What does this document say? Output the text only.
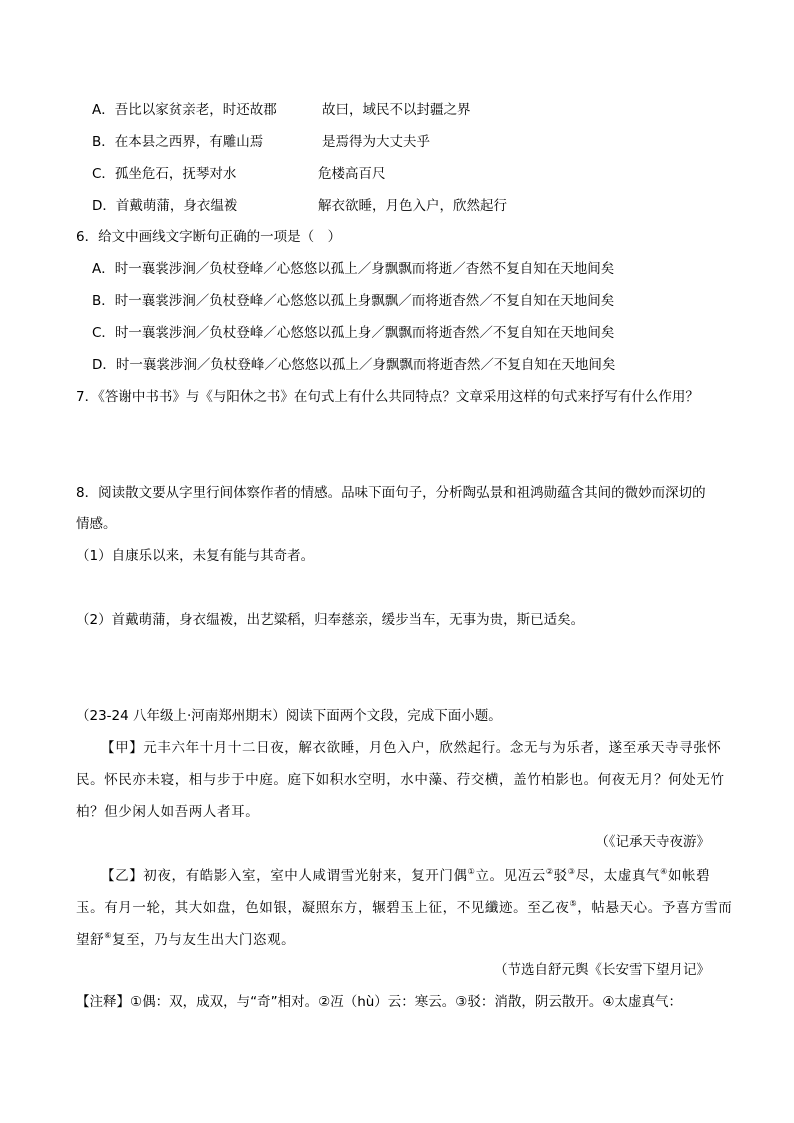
A．吾比以家贫亲老，时还故郡	故曰，域民不以封疆之界
B．在本县之西界，有雕山焉	是焉得为大丈夫乎
C．孤坐危石，抚琴对水	危楼高百尺
D．首戴萌蒲，身衣缊袯	解衣欲睡，月色入户，欣然起行
6．给文中画线文字断句正确的一项是（　）
A．时一襄裳涉涧／负杖登峰／心悠悠以孤上／身飘飘而将逝／杳然不复自知在天地间矣
B．时一襄裳涉涧／负杖登峰／心悠悠以孤上身飘飘／而将逝杳然／不复自知在天地间矣
C．时一襄裳涉涧／负杖登峰／心悠悠以孤上身／飘飘而将逝杳然／不复自知在天地间矣
D．时一襄裳涉涧／负杖登峰／心悠悠以孤上／身飘飘而将逝杳然／不复自知在天地间矣
7．《答谢中书书》与《与阳休之书》在句式上有什么共同特点？文章采用这样的句式来抒写有什么作用？
8．阅读散文要从字里行间体察作者的情感。品味下面句子，分析陶弘景和祖鸿勋蕴含其间的微妙而深切的
情感。
（1）自康乐以来，未复有能与其奇者。
（2）首戴萌蒲，身衣缊袯，出艺粱稻，归奉慈亲，缓步当车，无事为贵，斯已适矣。
（23-24 八年级上·河南郑州期末）阅读下面两个文段，完成下面小题。
【甲】元丰六年十月十二日夜，解衣欲睡，月色入户，欣然起行。念无与为乐者，遂至承天寺寻张怀
民。怀民亦未寝，相与步于中庭。庭下如积水空明，水中藻、荇交横，盖竹柏影也。何夜无月？何处无竹
柏？但少闲人如吾两人者耳。
（《记承天寺夜游》
【乙】初夜，有皓影入室，室中人咸谓雪光射来，复开门偶①立。见冱云②驳③尽，太虚真气④如帐碧
玉。有月一轮，其大如盘，色如银，凝照东方，辗碧玉上征，不见纖迹。至乙夜⑤，帖悬天心。予喜方雪而
望舒⑥复至，乃与友生出大门恣观。
（节选自舒元舆《长安雪下望月记》
【注释】①偶：双，成双，与“奇”相对。②冱（hù）云：寒云。③驳：消散，阴云散开。④太虚真气：
